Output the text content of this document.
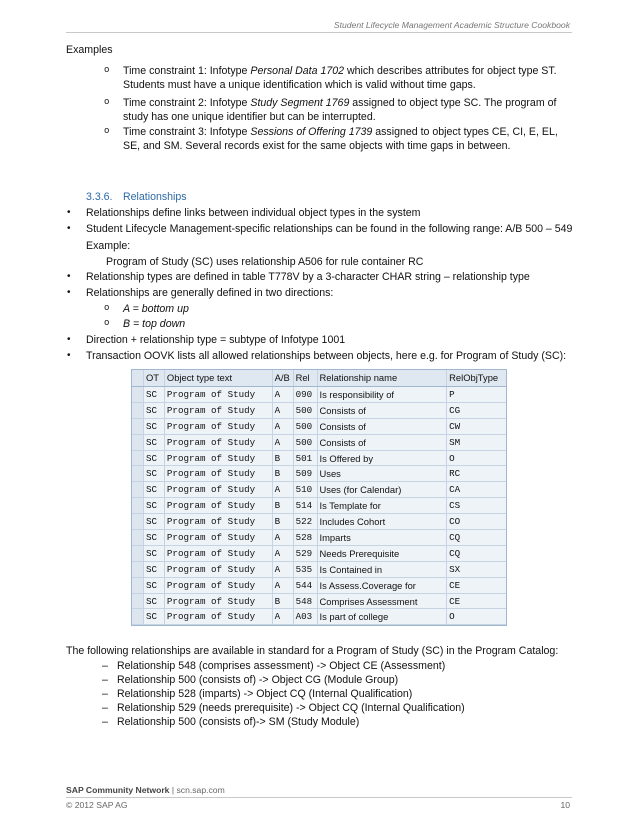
Student Lifecycle Management Academic Structure Cookbook
Examples
o Time constraint 1: Infotype Personal Data 1702 which describes attributes for object type ST. Students must have a unique identification which is valid without time gaps.
o Time constraint 2: Infotype Study Segment 1769 assigned to object type SC. The program of study has one unique identifier but can be interrupted.
o Time constraint 3: Infotype Sessions of Offering 1739 assigned to object types CE, CI, E, EL, SE, and SM. Several records exist for the same objects with time gaps in between.
3.3.6. Relationships
• Relationships define links between individual object types in the system
• Student Lifecycle Management-specific relationships can be found in the following range: A/B 500 – 549
Example:
Program of Study (SC) uses relationship A506 for rule container RC
• Relationship types are defined in table T778V by a 3-character CHAR string – relationship type
• Relationships are generally defined in two directions:
o A = bottom up
o B = top down
• Direction + relationship type = subtype of Infotype 1001
• Transaction OOVK lists all allowed relationships between objects, here e.g. for Program of Study (SC):
OT Object type text	A/B Rel	Relationship name	RelObjType
SC	Program of Study	A	090 Is responsibility of	P
SC	Program of Study	A	500 Consists of	CG
SC	Program of Study	A	500 Consists of	CW
SC	Program of Study	A	500 Consists of	SM
SC	Program of Study	B	501 Is Offered by	O
SC	Program of Study	B	509 Uses	RC
SC	Program of Study	A	510 Uses (for Calendar)	CA
SC	Program of Study	B	514 Is Template for	CS
SC	Program of Study	B	522 Includes Cohort	CO
SC	Program of Study	A	528 Imparts	CQ
SC	Program of Study	A	529 Needs Prerequisite	CQ
SC	Program of Study	A	535 Is Contained in	SX
SC	Program of Study	A	544 Is Assess.Coverage for	CE
SC	Program of Study	B	548 Comprises Assessment	CE
SC	Program of Study	A	A03 Is part of college	O
The following relationships are available in standard for a Program of Study (SC) in the Program Catalog:
– Relationship 548 (comprises assessment) -> Object CE (Assessment)
– Relationship 500 (consists of) -> Object CG (Module Group)
– Relationship 528 (imparts) -> Object CQ (Internal Qualification)
– Relationship 529 (needs prerequisite) -> Object CQ (Internal Qualification)
– Relationship 500 (consists of)-> SM (Study Module)
SAP Community Network | scn.sap.com
© 2012 SAP AG	10
